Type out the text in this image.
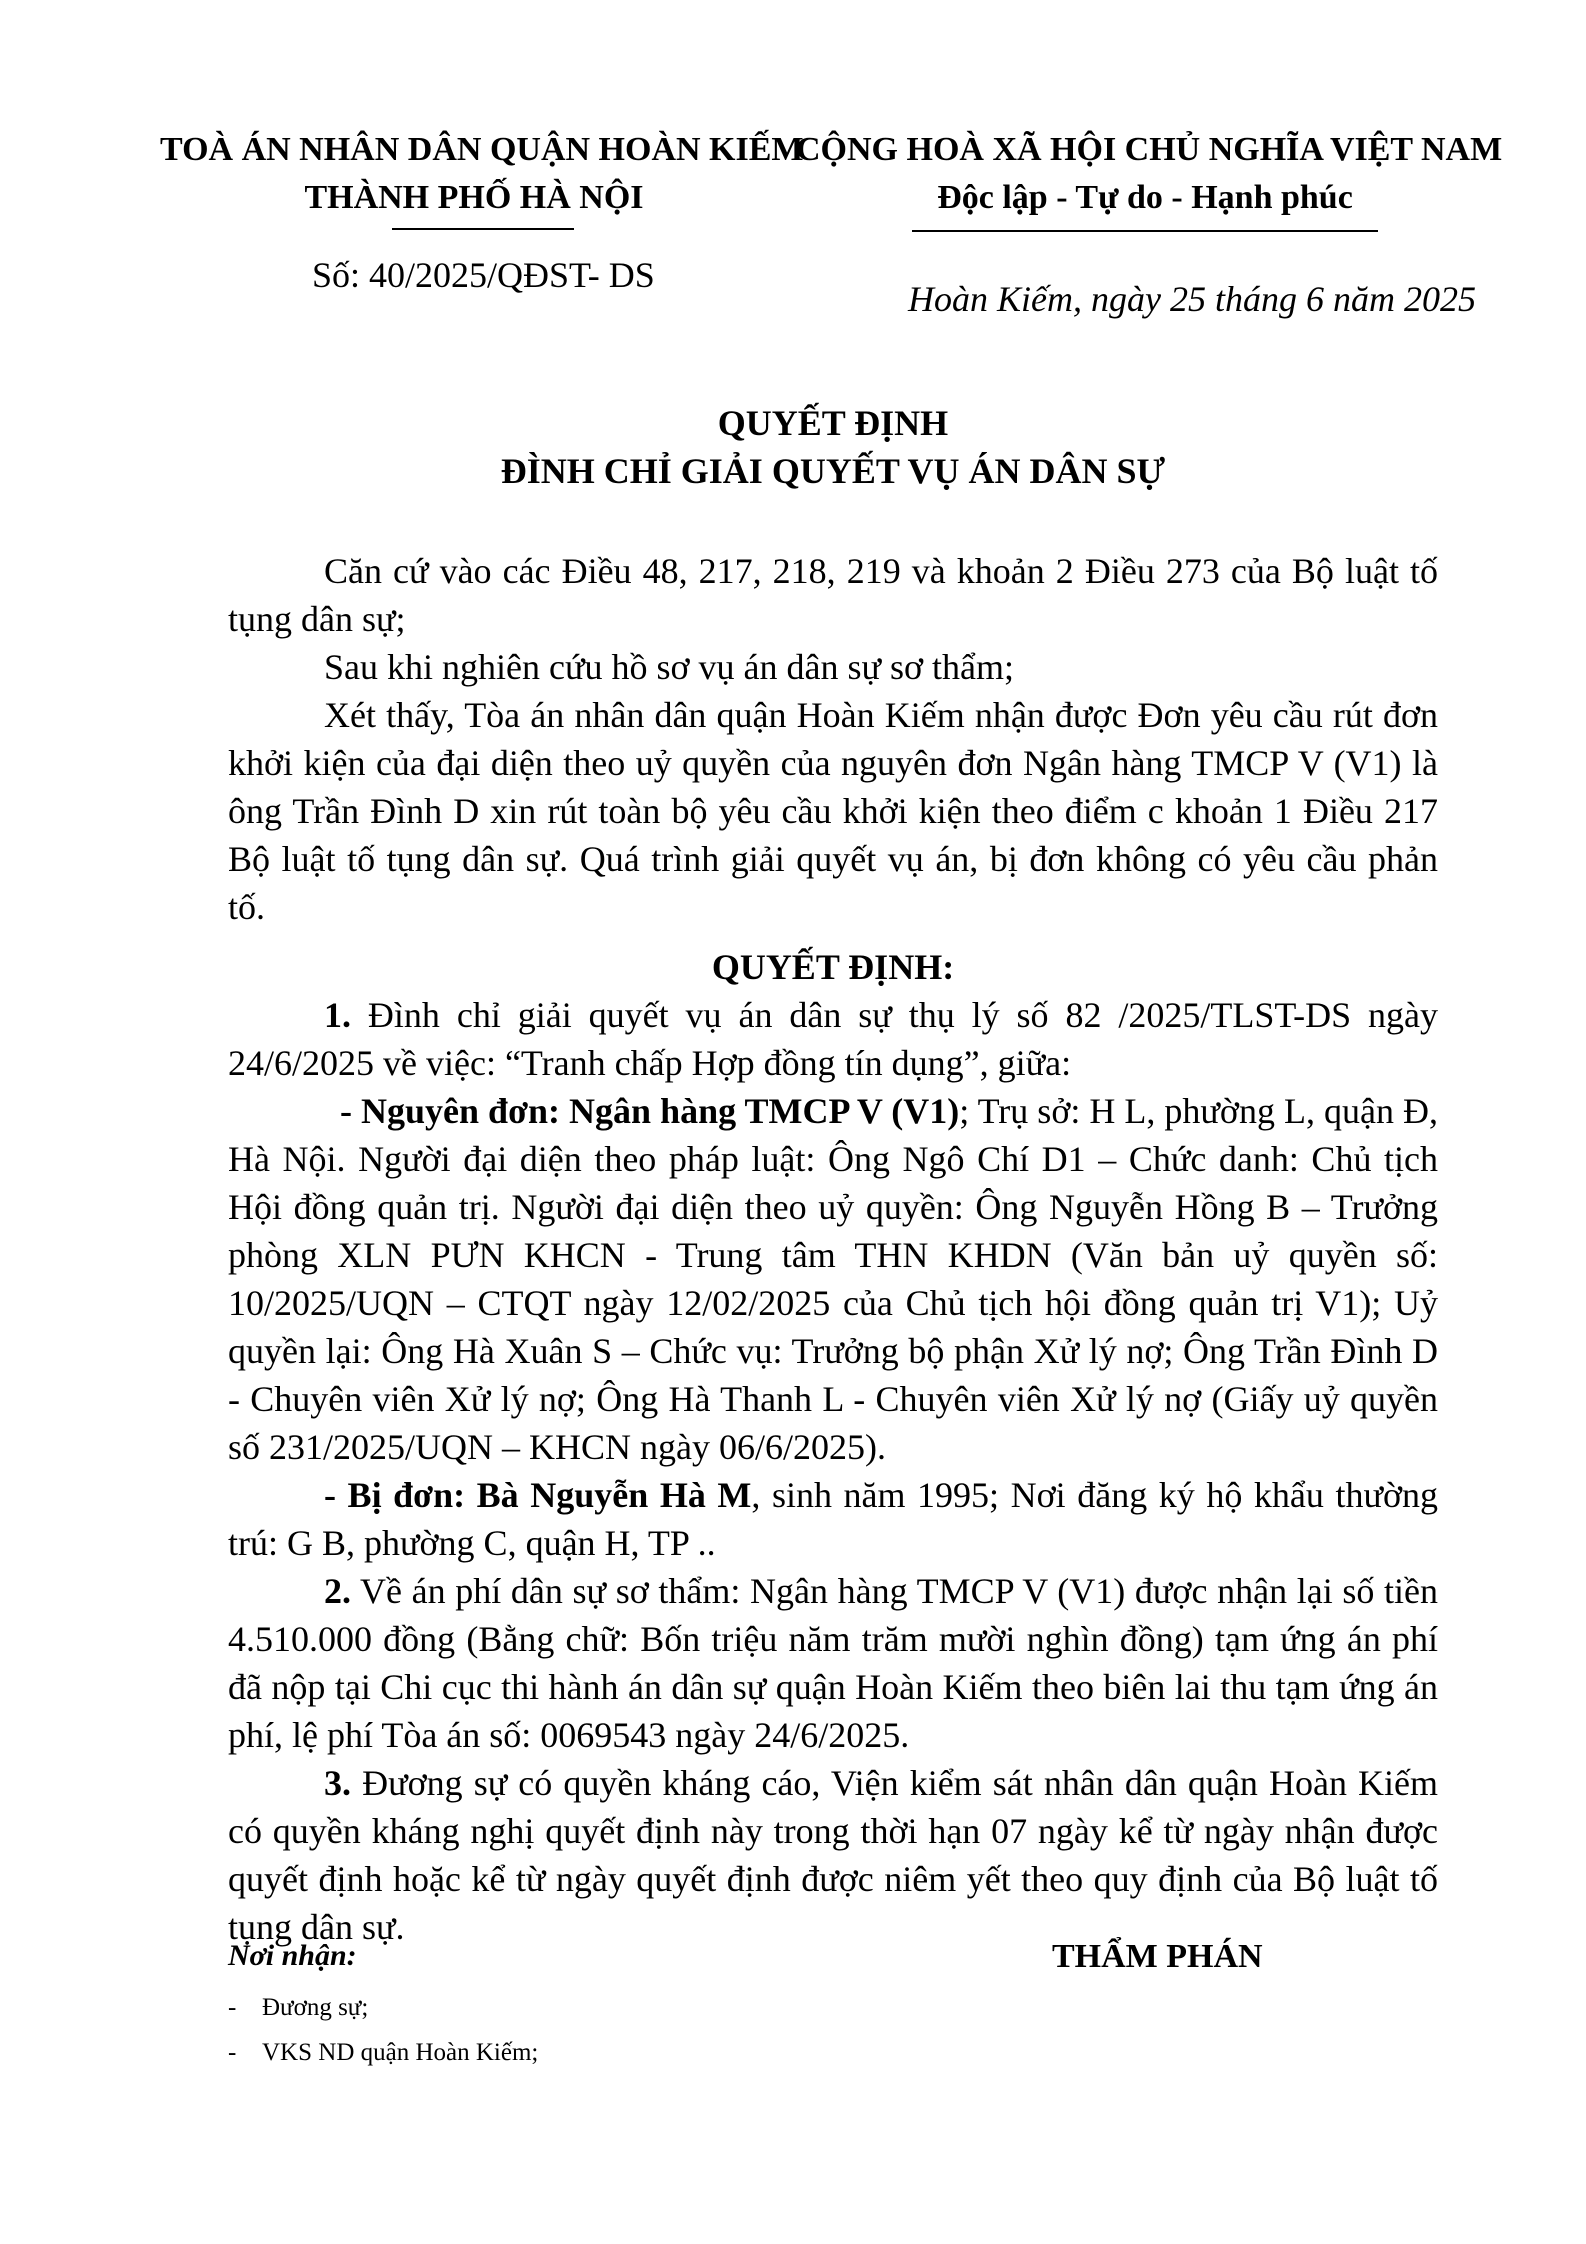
TOÀ ÁN NHÂN DÂN QUẬN HOÀN KIẾM
THÀNH PHỐ HÀ NỘI
Số: 40/2025/QĐST- DS
CỘNG HOÀ XÃ HỘI CHỦ NGHĨA VIỆT NAM
Độc lập - Tự do - Hạnh phúc
Hoàn Kiếm, ngày 25 tháng 6 năm 2025
QUYẾT ĐỊNH
ĐÌNH CHỈ GIẢI QUYẾT VỤ ÁN DÂN SỰ
Căn cứ vào các Điều 48, 217, 218, 219 và khoản 2 Điều 273 của Bộ luật tố tụng dân sự;
Sau khi nghiên cứu hồ sơ vụ án dân sự sơ thẩm;
Xét thấy, Tòa án nhân dân quận Hoàn Kiếm nhận được Đơn yêu cầu rút đơn khởi kiện của đại diện theo uỷ quyền của nguyên đơn Ngân hàng TMCP V (V1) là ông Trần Đình D xin rút toàn bộ yêu cầu khởi kiện theo điểm c khoản 1 Điều 217 Bộ luật tố tụng dân sự. Quá trình giải quyết vụ án, bị đơn không có yêu cầu phản tố.
QUYẾT ĐỊNH:
1. Đình chỉ giải quyết vụ án dân sự thụ lý số 82 /2025/TLST-DS ngày 24/6/2025 về việc: “Tranh chấp Hợp đồng tín dụng”, giữa:
- Nguyên đơn: Ngân hàng TMCP V (V1); Trụ sở: H L, phường L, quận Đ, Hà Nội. Người đại diện theo pháp luật: Ông Ngô Chí D1 – Chức danh: Chủ tịch Hội đồng quản trị. Người đại diện theo uỷ quyền: Ông Nguyễn Hồng B – Trưởng phòng XLN PƯN KHCN - Trung tâm THN KHDN (Văn bản uỷ quyền số: 10/2025/UQN – CTQT ngày 12/02/2025 của Chủ tịch hội đồng quản trị V1); Uỷ quyền lại: Ông Hà Xuân S – Chức vụ: Trưởng bộ phận Xử lý nợ; Ông Trần Đình D - Chuyên viên Xử lý nợ; Ông Hà Thanh L - Chuyên viên Xử lý nợ (Giấy uỷ quyền số 231/2025/UQN – KHCN ngày 06/6/2025).
- Bị đơn: Bà Nguyễn Hà M, sinh năm 1995; Nơi đăng ký hộ khẩu thường trú: G B, phường C, quận H, TP ..
2. Về án phí dân sự sơ thẩm: Ngân hàng TMCP V (V1) được nhận lại số tiền 4.510.000 đồng (Bằng chữ: Bốn triệu năm trăm mười nghìn đồng) tạm ứng án phí đã nộp tại Chi cục thi hành án dân sự quận Hoàn Kiếm theo biên lai thu tạm ứng án phí, lệ phí Tòa án số: 0069543 ngày 24/6/2025.
3. Đương sự có quyền kháng cáo, Viện kiểm sát nhân dân quận Hoàn Kiếm có quyền kháng nghị quyết định này trong thời hạn 07 ngày kể từ ngày nhận được quyết định hoặc kể từ ngày quyết định được niêm yết theo quy định của Bộ luật tố tụng dân sự.
Nơi nhận:	THẨM PHÁN
- Đương sự;
- VKS ND quận Hoàn Kiếm;
